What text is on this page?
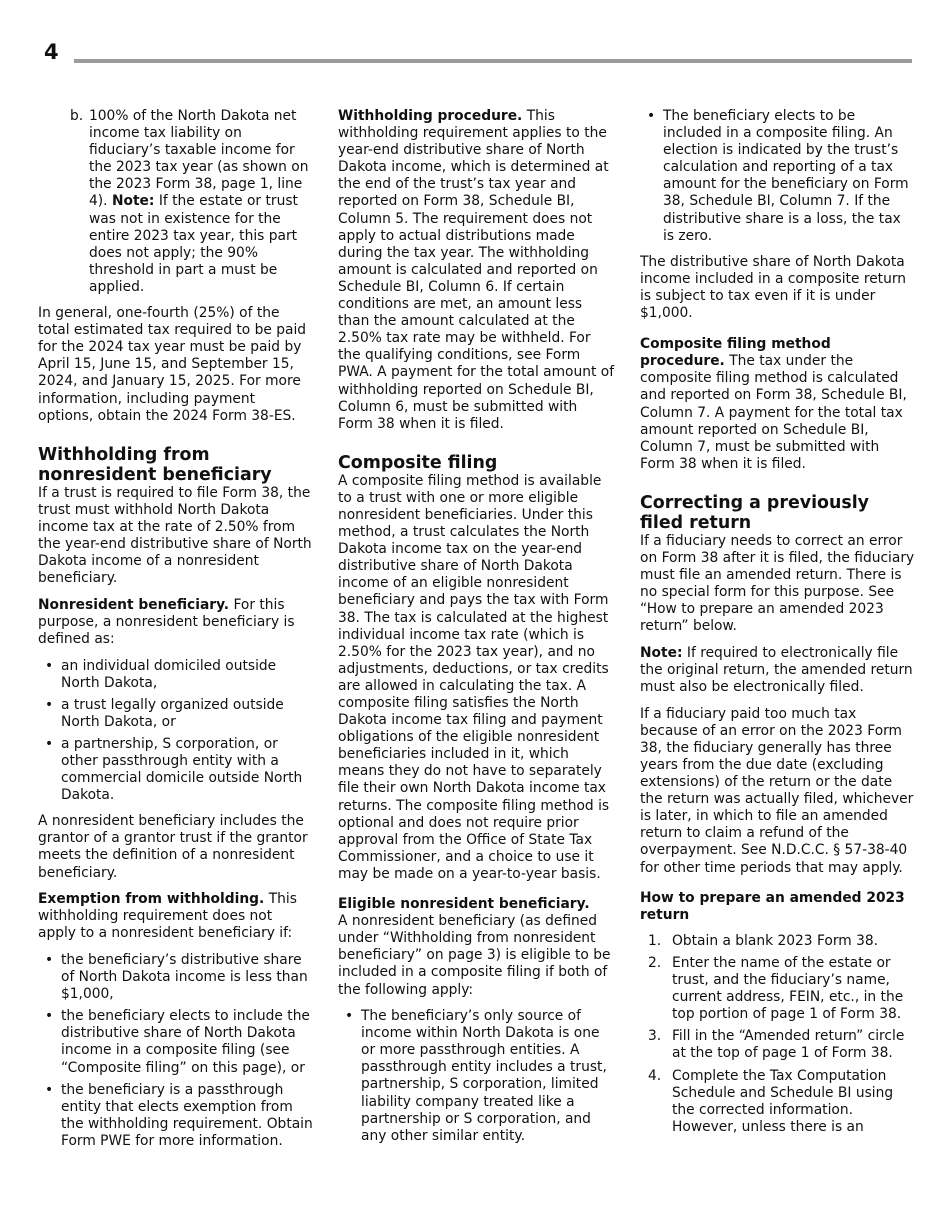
4
b. 100% of the North Dakota net income tax liability on fiduciary’s taxable income for the 2023 tax year (as shown on the 2023 Form 38, page 1, line 4). Note: If the estate or trust was not in existence for the entire 2023 tax year, this part does not apply; the 90% threshold in part a must be applied.

In general, one-fourth (25%) of the total estimated tax required to be paid for the 2024 tax year must be paid by April 15, June 15, and September 15, 2024, and January 15, 2025. For more information, including payment options, obtain the 2024 Form 38-ES.

Withholding from nonresident beneficiary

If a trust is required to file Form 38, the trust must withhold North Dakota income tax at the rate of 2.50% from the year-end distributive share of North Dakota income of a nonresident beneficiary.

Nonresident beneficiary. For this purpose, a nonresident beneficiary is defined as:

• an individual domiciled outside North Dakota,
• a trust legally organized outside North Dakota, or
• a partnership, S corporation, or other passthrough entity with a commercial domicile outside North Dakota.

A nonresident beneficiary includes the grantor of a grantor trust if the grantor meets the definition of a nonresident beneficiary.

Exemption from withholding. This withholding requirement does not apply to a nonresident beneficiary if:

• the beneficiary’s distributive share of North Dakota income is less than $1,000,
• the beneficiary elects to include the distributive share of North Dakota income in a composite filing (see “Composite filing” on this page), or
• the beneficiary is a passthrough entity that elects exemption from the withholding requirement. Obtain Form PWE for more information.

Withholding procedure. This withholding requirement applies to the year-end distributive share of North Dakota income, which is determined at the end of the trust’s tax year and reported on Form 38, Schedule BI, Column 5. The requirement does not apply to actual distributions made during the tax year. The withholding amount is calculated and reported on Schedule BI, Column 6. If certain conditions are met, an amount less than the amount calculated at the 2.50% tax rate may be withheld. For the qualifying conditions, see Form PWA. A payment for the total amount of withholding reported on Schedule BI, Column 6, must be submitted with Form 38 when it is filed.

Composite filing

A composite filing method is available to a trust with one or more eligible nonresident beneficiaries. Under this method, a trust calculates the North Dakota income tax on the year-end distributive share of North Dakota income of an eligible nonresident beneficiary and pays the tax with Form 38. The tax is calculated at the highest individual income tax rate (which is 2.50% for the 2023 tax year), and no adjustments, deductions, or tax credits are allowed in calculating the tax. A composite filing satisfies the North Dakota income tax filing and payment obligations of the eligible nonresident beneficiaries included in it, which means they do not have to separately file their own North Dakota income tax returns. The composite filing method is optional and does not require prior approval from the Office of State Tax Commissioner, and a choice to use it may be made on a year-to-year basis.

Eligible nonresident beneficiary.

A nonresident beneficiary (as defined under “Withholding from nonresident beneficiary” on page 3) is eligible to be included in a composite filing if both of the following apply:

• The beneficiary’s only source of income within North Dakota is one or more passthrough entities. A passthrough entity includes a trust, partnership, S corporation, limited liability company treated like a partnership or S corporation, and any other similar entity.
• The beneficiary elects to be included in a composite filing. An election is indicated by the trust’s calculation and reporting of a tax amount for the beneficiary on Form 38, Schedule BI, Column 7. If the distributive share is a loss, the tax is zero.

The distributive share of North Dakota income included in a composite return is subject to tax even if it is under $1,000.

Composite filing method procedure. The tax under the composite filing method is calculated and reported on Form 38, Schedule BI, Column 7. A payment for the total tax amount reported on Schedule BI, Column 7, must be submitted with Form 38 when it is filed.

Correcting a previously filed return

If a fiduciary needs to correct an error on Form 38 after it is filed, the fiduciary must file an amended return. There is no special form for this purpose. See “How to prepare an amended 2023 return” below.

Note: If required to electronically file the original return, the amended return must also be electronically filed.

If a fiduciary paid too much tax because of an error on the 2023 Form 38, the fiduciary generally has three years from the due date (excluding extensions) of the return or the date the return was actually filed, whichever is later, in which to file an amended return to claim a refund of the overpayment. See N.D.C.C. § 57-38-40 for other time periods that may apply.

How to prepare an amended 2023 return
1. Obtain a blank 2023 Form 38.
2. Enter the name of the estate or trust, and the fiduciary’s name, current address, FEIN, etc., in the top portion of page 1 of Form 38.
3. Fill in the “Amended return” circle at the top of page 1 of Form 38.
4. Complete the Tax Computation Schedule and Schedule BI using the corrected information. However, unless there is an
